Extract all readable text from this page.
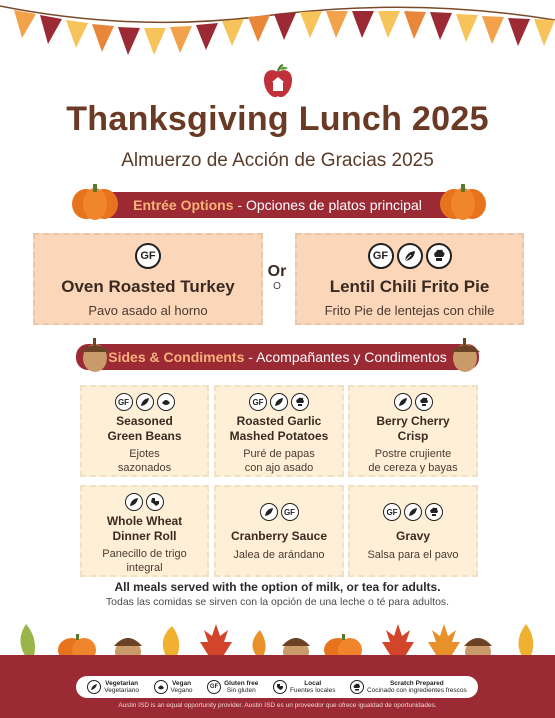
Thanksgiving Lunch 2025
Almuerzo de Acción de Gracias 2025
Entrée Options - Opciones de platos principal
GF
Oven Roasted Turkey
Pavo asado al horno
Or
O
GF
Lentil Chili Frito Pie
Frito Pie de lentejas con chile
Sides & Condiments - Acompañantes y Condimentos
GF
Seasoned
Green Beans
Ejotes
sazonados
GF
Roasted Garlic
Mashed Potatoes
Puré de papas
con ajo asado
Berry Cherry
Crisp
Postre crujiente
de cereza y bayas
Whole Wheat
Dinner Roll
Panecillo de trigo
integral
GF
Cranberry Sauce
Jalea de arándano
GF
Gravy
Salsa para el pavo
All meals served with the option of milk, or tea for adults.
Todas las comidas se sirven con la opción de una leche o té para adultos.
Vegetarian
Vegetariano
Vegan
Vegano	GF Gluten free
Sin gluten
Local
Fuentes locales
Scratch Prepared
Cocinado con ingredientes frescos
Austin ISD is an equal opportunity provider. Austin ISD es un proveedor que ofrece igualdad de oportunidades.
